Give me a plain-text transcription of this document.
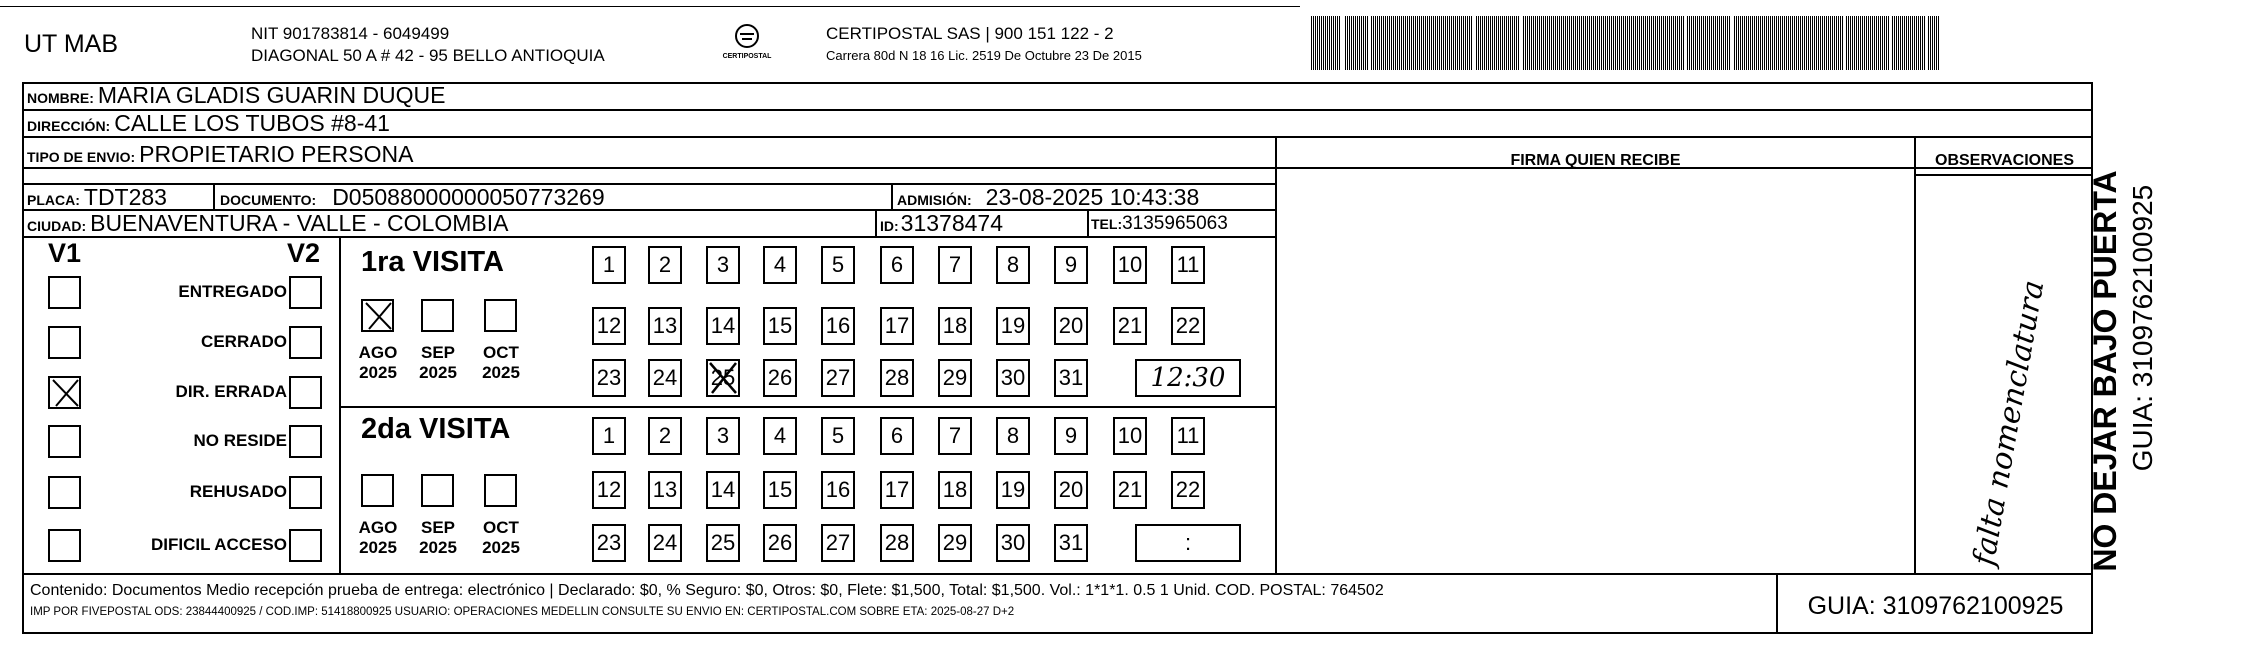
UT MAB	NIT 901783814 - 6049499
DIAGONAL 50 A # 42 - 95 BELLO ANTIOQUIA	CERTIPOSTAL
CERTIPOSTAL SAS | 900 151 122 - 2
Carrera 80d N 18 16 Lic. 2519 De Octubre 23 De 2015
NOMBRE: MARIA GLADIS GUARIN DUQUE
DIRECCIÓN: CALLE LOS TUBOS #8-41
TIPO DE ENVIO: PROPIETARIO PERSONA	FIRMA QUIEN RECIBE	OBSERVACIONES
PLACA: TDT283	DOCUMENTO: D05088000000050773269	ADMISIÓN: 23-08-2025 10:43:38
CIUDAD: BUENAVENTURA - VALLE - COLOMBIA	ID:31378474	TEL:3135965063
V1	V2
ENTREGADO
CERRADO
DIR. ERRADA
NO RESIDE
REHUSADO
DIFICIL ACCESO
1ra VISITA
AGO
2025
SEP
2025
OCT
2025
1	2	3	4	5	6	7	8	9	10 11
12 13 14 15 16 17 18 19 20 21 22
23 24 25 26 27 28 29 30 31	12:30
2da VISITA
AGO
2025
SEP
2025
OCT
2025
1	2	3	4	5	6	7	8	9	10 11
12 13 14 15 16 17 18 19 20 21 22
23 24 25 26 27 28 29 30 31	:	falta nomenclatura
Contenido: Documentos Medio recepción prueba de entrega: electrónico | Declarado: $0, % Seguro: $0, Otros: $0, Flete: $1,500, Total: $1,500. Vol.: 1*1*1. 0.5 1 Unid. COD. POSTAL: 764502
IMP POR FIVEPOSTAL ODS: 23844400925 / COD.IMP: 51418800925 USUARIO: OPERACIONES MEDELLIN CONSULTE SU ENVIO EN: CERTIPOSTAL.COM SOBRE ETA: 2025-08-27 D+2	GUIA: 3109762100925
NO DEJAR BAJO PUERTA GUIA: 3109762100925
